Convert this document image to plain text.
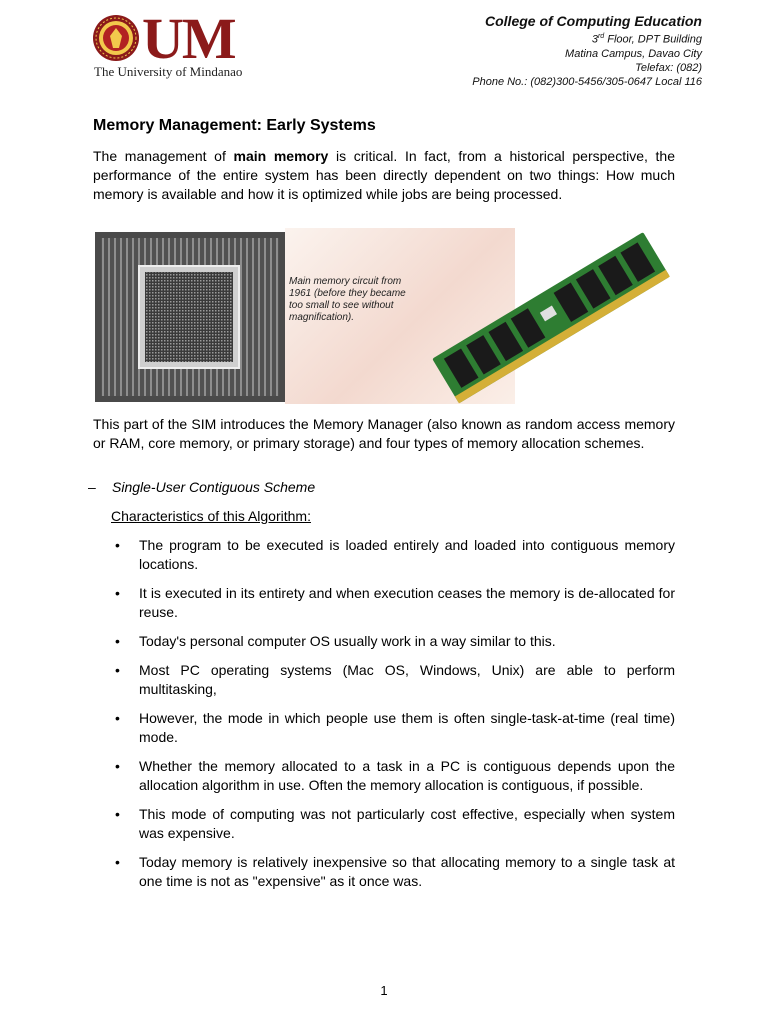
UM
The University of Mindanao
College of Computing Education
3rd Floor, DPT Building
Matina Campus, Davao City
Telefax: (082)
Phone No.: (082)300-5456/305-0647 Local 116
Memory Management: Early Systems

The management of main memory is critical. In fact, from a historical perspective, the performance of the entire system has been directly dependent on two things: How much memory is available and how it is optimized while jobs are being processed.

Main memory circuit from 1961 (before they became too small to see without magnification).

This part of the SIM introduces the Memory Manager (also known as random access memory or RAM, core memory, or primary storage) and four types of memory allocation schemes.

– Single-User Contiguous Scheme
Characteristics of this Algorithm:
• The program to be executed is loaded entirely and loaded into contiguous memory locations.
• It is executed in its entirety and when execution ceases the memory is de-allocated for reuse.
• Today's personal computer OS usually work in a way similar to this.
• Most PC operating systems (Mac OS, Windows, Unix) are able to perform multitasking,
• However, the mode in which people use them is often single-task-at-time (real time) mode.
• Whether the memory allocated to a task in a PC is contiguous depends upon the allocation algorithm in use. Often the memory allocation is contiguous, if possible.
• This mode of computing was not particularly cost effective, especially when system was expensive.
• Today memory is relatively inexpensive so that allocating memory to a single task at one time is not as "expensive" as it once was.
1
